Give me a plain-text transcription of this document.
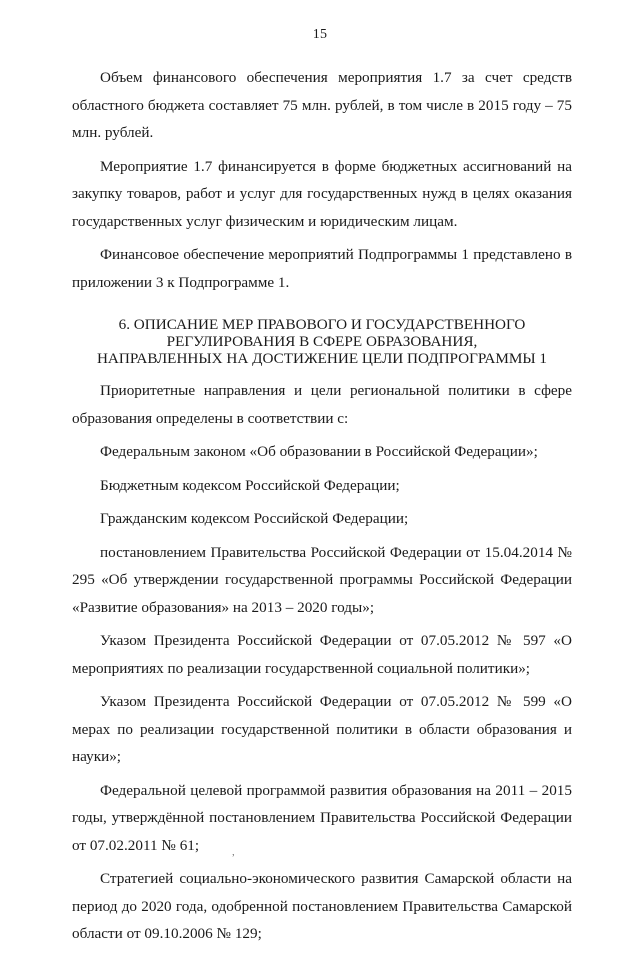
15

Объем финансового обеспечения мероприятия 1.7 за счет средств областного бюджета составляет 75 млн. рублей, в том числе в 2015 году – 75 млн. рублей.

Мероприятие 1.7 финансируется в форме бюджетных ассигнований на закупку товаров, работ и услуг для государственных нужд в целях оказания государственных услуг физическим и юридическим лицам.

Финансовое обеспечение мероприятий Подпрограммы 1 представлено в приложении 3 к Подпрограмме 1.

6. ОПИСАНИЕ МЕР ПРАВОВОГО И ГОСУДАРСТВЕННОГО
РЕГУЛИРОВАНИЯ В СФЕРЕ ОБРАЗОВАНИЯ,
НАПРАВЛЕННЫХ НА ДОСТИЖЕНИЕ ЦЕЛИ ПОДПРОГРАММЫ 1

Приоритетные направления и цели региональной политики в сфере образования определены в соответствии с:

Федеральным законом «Об образовании в Российской Федерации»;

Бюджетным кодексом Российской Федерации;

Гражданским кодексом Российской Федерации;

постановлением Правительства Российской Федерации от 15.04.2014 № 295 «Об утверждении государственной программы Российской Федерации «Развитие образования» на 2013 – 2020 годы»;

Указом Президента Российской Федерации от 07.05.2012 № 597 «О мероприятиях по реализации государственной социальной политики»;

Указом Президента Российской Федерации от 07.05.2012 № 599 «О мерах по реализации государственной политики в области образования и науки»;

Федеральной целевой программой развития образования на 2011 – 2015 годы, утверждённой постановлением Правительства Российской Федерации от 07.02.2011 № 61;

Стратегией социально-экономического развития Самарской области на период до 2020 года, одобренной постановлением Правительства Самарской области от 09.10.2006 № 129;

,
